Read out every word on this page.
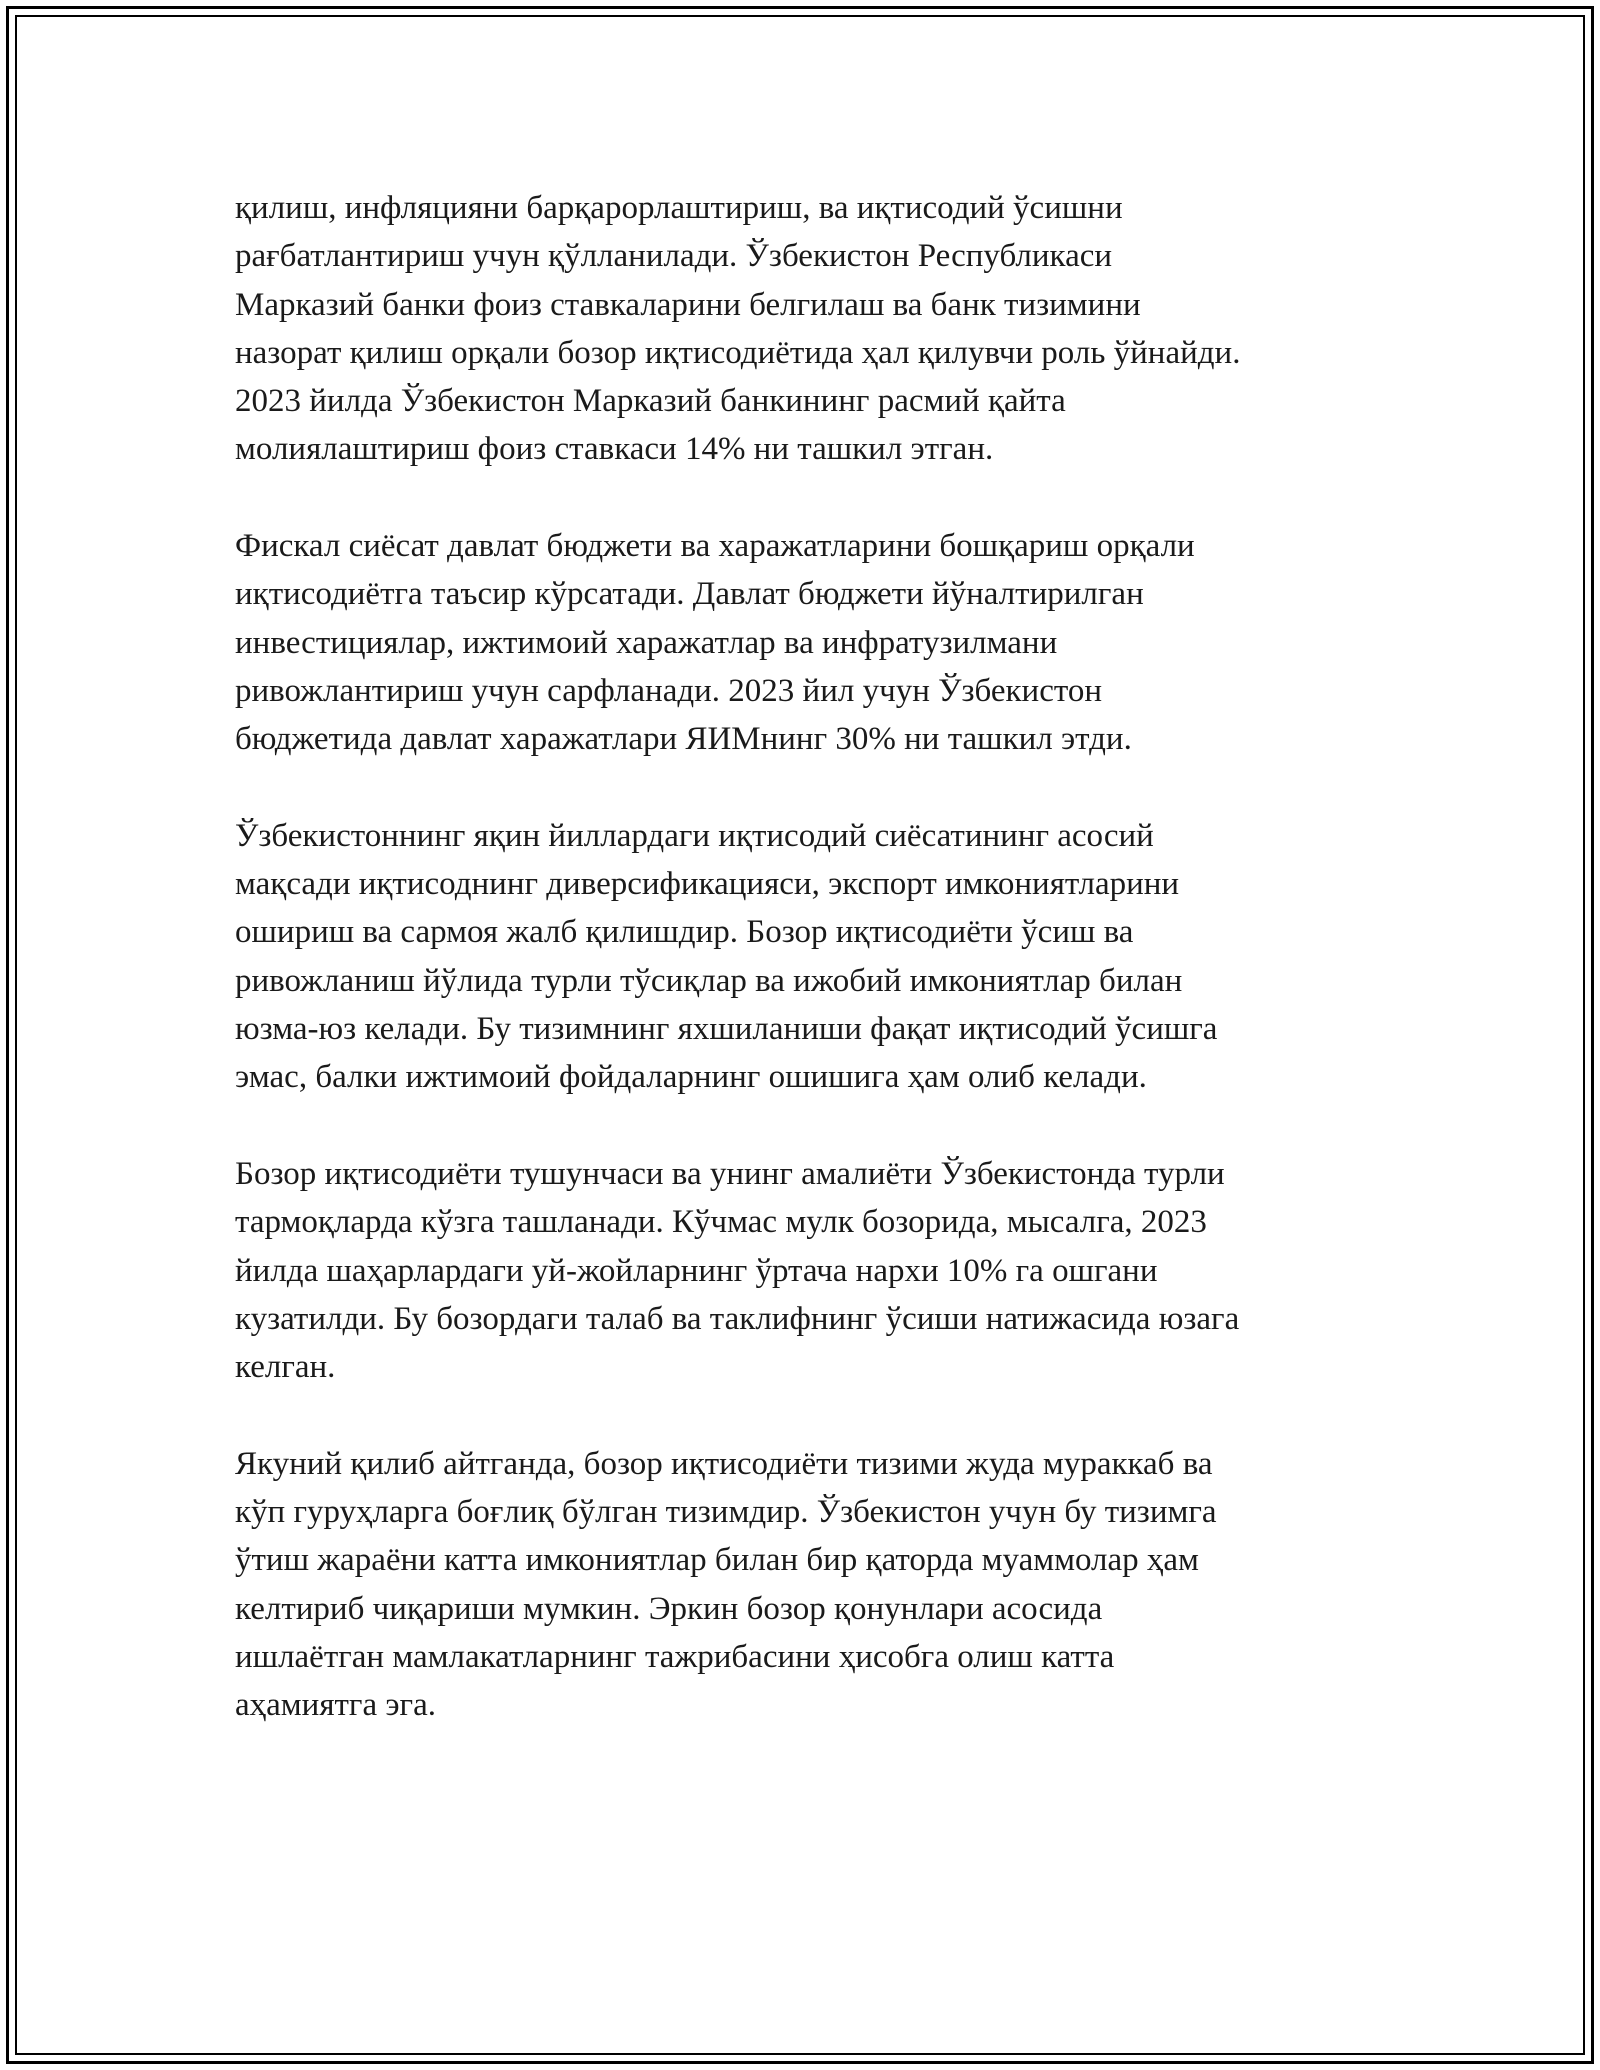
қилиш, инфляцияни барқарорлаштириш, ва иқтисодий ўсишни
рағбатлантириш учун қўлланилади. Ўзбекистон Республикаси
Марказий банки фоиз ставкаларини белгилаш ва банк тизимини
назорат қилиш орқали бозор иқтисодиётида ҳал қилувчи роль ўйнайди.
2023 йилда Ўзбекистон Марказий банкининг расмий қайта
молиялаштириш фоиз ставкаси 14% ни ташкил этган.

Фискал сиёсат давлат бюджети ва харажатларини бошқариш орқали
иқтисодиётга таъсир кўрсатади. Давлат бюджети йўналтирилган
инвестициялар, ижтимоий харажатлар ва инфратузилмани
ривожлантириш учун сарфланади. 2023 йил учун Ўзбекистон
бюджетида давлат харажатлари ЯИМнинг 30% ни ташкил этди.

Ўзбекистоннинг яқин йиллардаги иқтисодий сиёсатининг асосий
мақсади иқтисоднинг диверсификацияси, экспорт имкониятларини
ошириш ва сармоя жалб қилишдир. Бозор иқтисодиёти ўсиш ва
ривожланиш йўлида турли тўсиқлар ва ижобий имкониятлар билан
юзма-юз келади. Бу тизимнинг яхшиланиши фақат иқтисодий ўсишга
эмас, балки ижтимоий фойдаларнинг ошишига ҳам олиб келади.

Бозор иқтисодиёти тушунчаси ва унинг амалиёти Ўзбекистонда турли
тармоқларда кўзга ташланади. Кўчмас мулк бозорида, мысалга, 2023
йилда шаҳарлардаги уй-жойларнинг ўртача нархи 10% га ошгани
кузатилди. Бу бозордаги талаб ва таклифнинг ўсиши натижасида юзага
келган.

Якуний қилиб айтганда, бозор иқтисодиёти тизими жуда мураккаб ва
кўп гуруҳларга боғлиқ бўлган тизимдир. Ўзбекистон учун бу тизимга
ўтиш жараёни катта имкониятлар билан бир қаторда муаммолар ҳам
келтириб чиқариши мумкин. Эркин бозор қонунлари асосида
ишлаётган мамлакатларнинг тажрибасини ҳисобга олиш катта
аҳамиятга эга.
